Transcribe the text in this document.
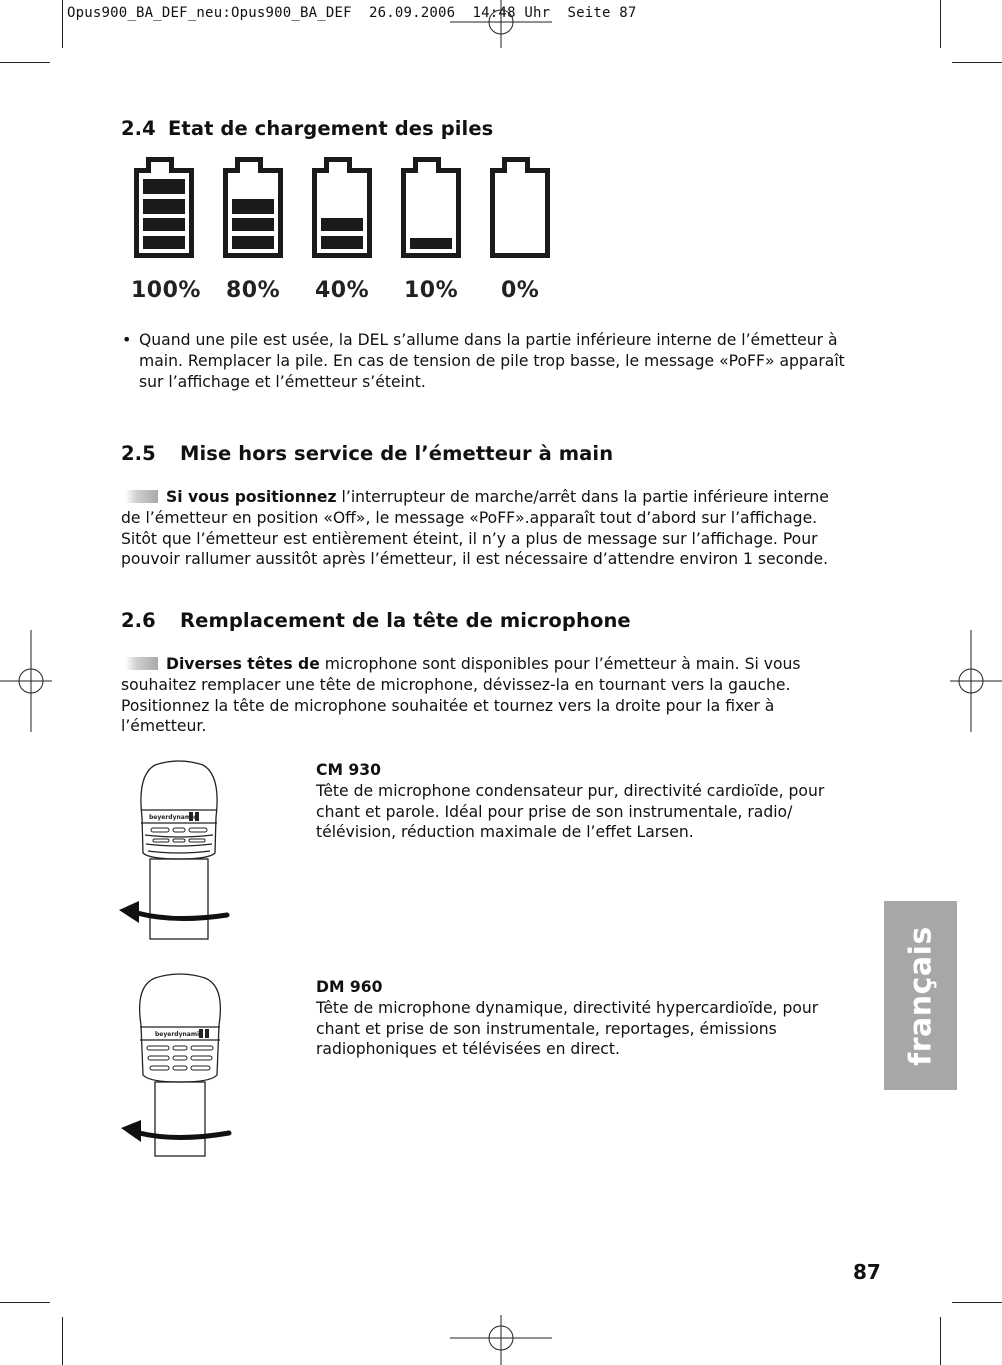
Opus900_BA_DEF_neu:Opus900_BA_DEF  26.09.2006  14:48 Uhr  Seite 87
2.4 Etat de chargement des piles
100% 80% 40% 10% 0%
• Quand une pile est usée, la DEL s’allume dans la partie inférieure interne de l’émetteur à
main. Remplacer la pile. En cas de tension de pile trop basse, le message «PoFF» apparaît
sur l’affichage et l’émetteur s’éteint.
2.5 Mise hors service de l’émetteur à main
Si vous positionnez l’interrupteur de marche/arrêt dans la partie inférieure interne
de l’émetteur en position «Off», le message «PoFF».apparaît tout d’abord sur l’affichage.
Sitôt que l’émetteur est entièrement éteint, il n’y a plus de message sur l’affichage. Pour
pouvoir rallumer aussitôt après l’émetteur, il est nécessaire d’attendre environ 1 seconde.
2.6 Remplacement de la tête de microphone
Diverses têtes de microphone sont disponibles pour l’émetteur à main. Si vous
souhaitez remplacer une tête de microphone, dévissez-la en tournant vers la gauche.
Positionnez la tête de microphone souhaitée et tournez vers la droite pour la fixer à
l’émetteur.
beyerdynamic
beyerdynamic
CM 930
Tête de microphone condensateur pur, directivité cardioïde, pour
chant et parole. Idéal pour prise de son instrumentale, radio/
télévision, réduction maximale de l’effet Larsen.
DM 960
Tête de microphone dynamique, directivité hypercardioïde, pour
chant et prise de son instrumentale, reportages, émissions
radiophoniques et télévisées en direct.	français
87
